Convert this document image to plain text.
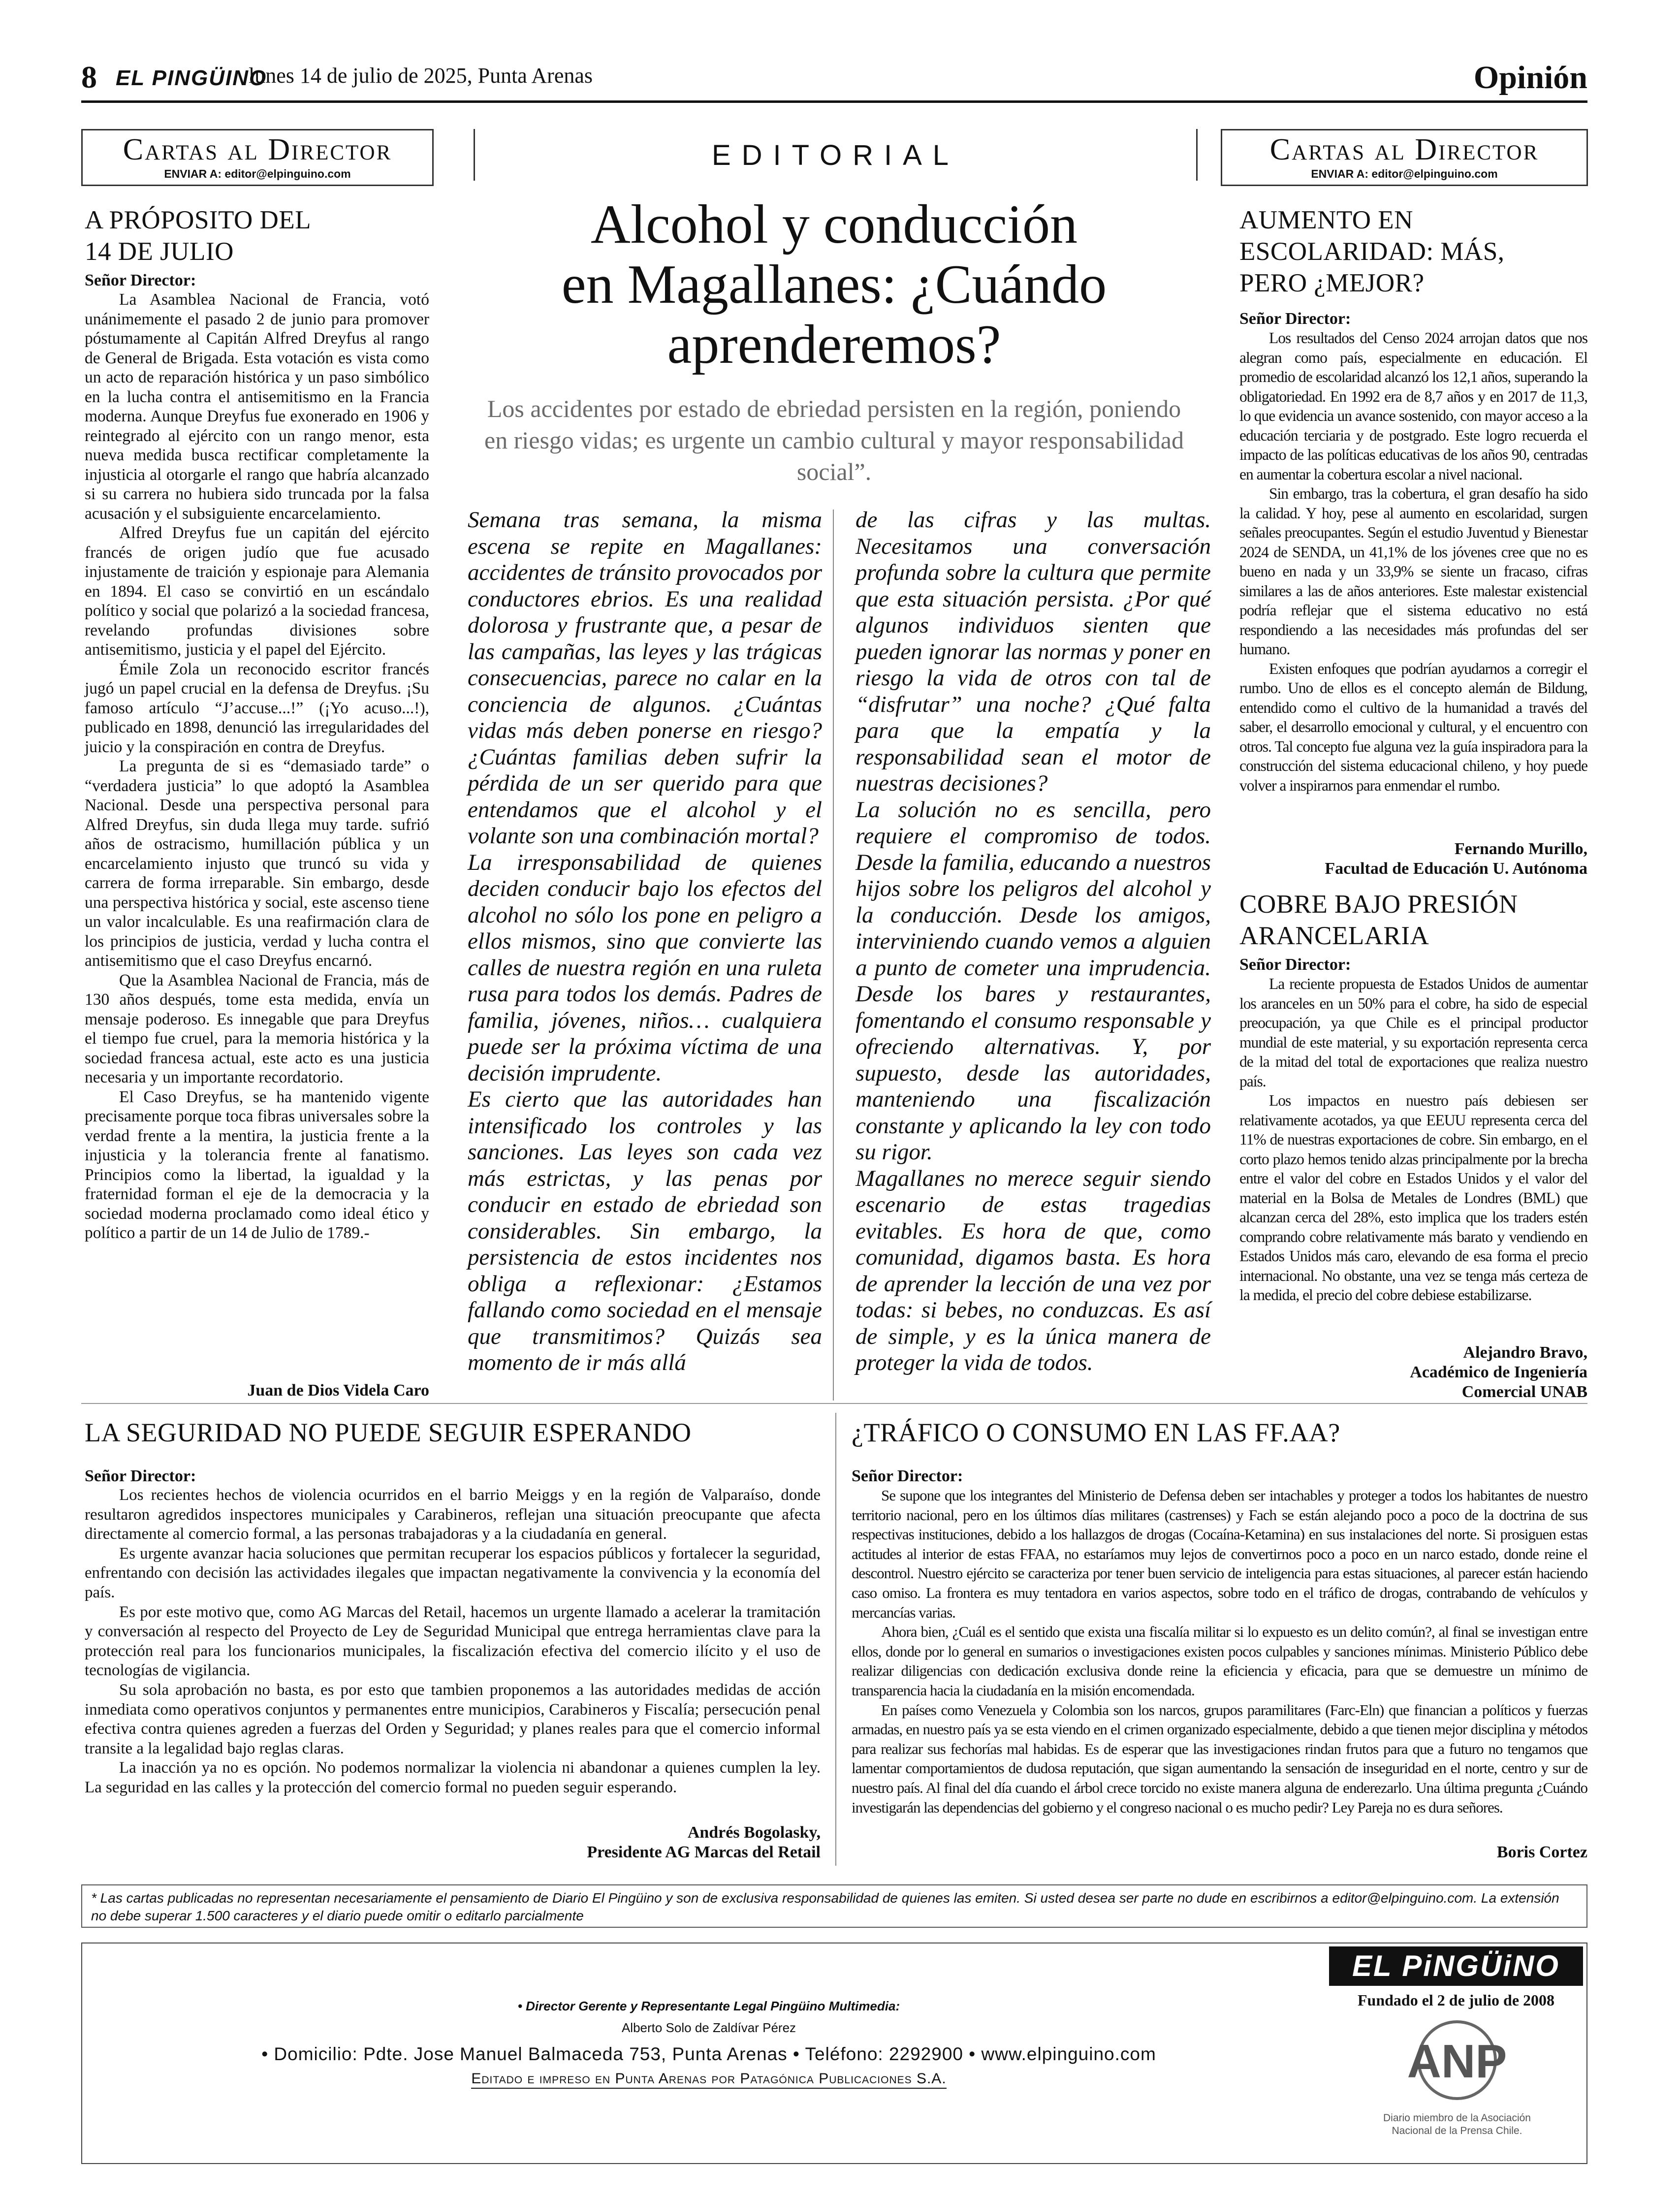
8 EL PINGÜINO
lunes 14 de julio de 2025, Punta Arenas	Opinión
Cartas al Director
ENVIAR A: editor@elpinguino.com
A PRÓPOSITO DEL
14 DE JULIO
Señor Director:

La Asamblea Nacional de Francia, votó unánimemente el pasado 2 de junio para promover póstumamente al Capitán Alfred Dreyfus al rango de General de Brigada. Esta votación es vista como un acto de reparación histórica y un paso simbólico en la lucha contra el antisemitismo en la Francia moderna. Aunque Dreyfus fue exonerado en 1906 y reintegrado al ejército con un rango menor, esta nueva medida busca rectificar completamente la injusticia al otorgarle el rango que habría alcanzado si su carrera no hubiera sido truncada por la falsa acusación y el subsiguiente encarcelamiento.

Alfred Dreyfus fue un capitán del ejército francés de origen judío que fue acusado injustamente de traición y espionaje para Alemania en 1894. El caso se convirtió en un escándalo político y social que polarizó a la sociedad francesa, revelando profundas divisiones sobre antisemitismo, justicia y el papel del Ejército.

Émile Zola un reconocido escritor francés jugó un papel crucial en la defensa de Dreyfus. ¡Su famoso artículo “J’accuse...!” (¡Yo acuso...!), publicado en 1898, denunció las irregularidades del juicio y la conspiración en contra de Dreyfus.

La pregunta de si es “demasiado tarde” o “verdadera justicia” lo que adoptó la Asamblea Nacional. Desde una perspectiva personal para Alfred Dreyfus, sin duda llega muy tarde. sufrió años de ostracismo, humillación pública y un encarcelamiento injusto que truncó su vida y carrera de forma irreparable. Sin embargo, desde una perspectiva histórica y social, este ascenso tiene un valor incalculable. Es una reafirmación clara de los principios de justicia, verdad y lucha contra el antisemitismo que el caso Dreyfus encarnó.

Que la Asamblea Nacional de Francia, más de 130 años después, tome esta medida, envía un mensaje poderoso. Es innegable que para Dreyfus el tiempo fue cruel, para la memoria histórica y la sociedad francesa actual, este acto es una justicia necesaria y un importante recordatorio.

El Caso Dreyfus, se ha mantenido vigente precisamente porque toca fibras universales sobre la verdad frente a la mentira, la justicia frente a la injusticia y la tolerancia frente al fanatismo. Principios como la libertad, la igualdad y la fraternidad forman el eje de la democracia y la sociedad moderna proclamado como ideal ético y político a partir de un 14 de Julio de 1789.-

Juan de Dios Videla Caro
EDITORIAL
Alcohol y conducción
en Magallanes: ¿Cuándo
aprenderemos?
Los accidentes por estado de ebriedad persisten en la región, poniendo en riesgo vidas; es urgente un cambio cultural y mayor responsabilidad social”.

Semana tras semana, la misma escena se repite en Magallanes: accidentes de tránsito provocados por conductores ebrios. Es una realidad dolorosa y frustrante que, a pesar de las campañas, las leyes y las trágicas consecuencias, parece no calar en la conciencia de algunos. ¿Cuántas vidas más deben ponerse en riesgo? ¿Cuántas familias deben sufrir la pérdida de un ser querido para que entendamos que el alcohol y el volante son una combinación mortal?

La irresponsabilidad de quienes deciden conducir bajo los efectos del alcohol no sólo los pone en peligro a ellos mismos, sino que convierte las calles de nuestra región en una ruleta rusa para todos los demás. Padres de familia, jóvenes, niños… cualquiera puede ser la próxima víctima de una decisión imprudente.

Es cierto que las autoridades han intensificado los controles y las sanciones. Las leyes son cada vez más estrictas, y las penas por conducir en estado de ebriedad son considerables. Sin embargo, la persistencia de estos incidentes nos obliga a reflexionar: ¿Estamos fallando como sociedad en el mensaje que transmitimos? Quizás sea momento de ir más allá

de las cifras y las multas. Necesitamos una conversación profunda sobre la cultura que permite que esta situación persista. ¿Por qué algunos individuos sienten que pueden ignorar las normas y poner en riesgo la vida de otros con tal de “disfrutar” una noche? ¿Qué falta para que la empatía y la responsabilidad sean el motor de nuestras decisiones?

La solución no es sencilla, pero requiere el compromiso de todos. Desde la familia, educando a nuestros hijos sobre los peligros del alcohol y la conducción. Desde los amigos, interviniendo cuando vemos a alguien a punto de cometer una imprudencia. Desde los bares y restaurantes, fomentando el consumo responsable y ofreciendo alternativas. Y, por supuesto, desde las autoridades, manteniendo una fiscalización constante y aplicando la ley con todo su rigor.

Magallanes no merece seguir siendo escenario de estas tragedias evitables. Es hora de que, como comunidad, digamos basta. Es hora de aprender la lección de una vez por todas: si bebes, no conduzcas. Es así de simple, y es la única manera de proteger la vida de todos.

Cartas al Director
ENVIAR A: editor@elpinguino.com
AUMENTO EN
ESCOLARIDAD: MÁS,
PERO ¿MEJOR?
Señor Director:

Los resultados del Censo 2024 arrojan datos que nos alegran como país, especialmente en educación. El promedio de escolaridad alcanzó los 12,1 años, superando la obligatoriedad. En 1992 era de 8,7 años y en 2017 de 11,3, lo que evidencia un avance sostenido, con mayor acceso a la educación terciaria y de postgrado. Este logro recuerda el impacto de las políticas educativas de los años 90, centradas en aumentar la cobertura escolar a nivel nacional.

Sin embargo, tras la cobertura, el gran desafío ha sido la calidad. Y hoy, pese al aumento en escolaridad, surgen señales preocupantes. Según el estudio Juventud y Bienestar 2024 de SENDA, un 41,1% de los jóvenes cree que no es bueno en nada y un 33,9% se siente un fracaso, cifras similares a las de años anteriores. Este malestar existencial podría reflejar que el sistema educativo no está respondiendo a las necesidades más profundas del ser humano.

Existen enfoques que podrían ayudarnos a corregir el rumbo. Uno de ellos es el concepto alemán de Bildung, entendido como el cultivo de la humanidad a través del saber, el desarrollo emocional y cultural, y el encuentro con otros. Tal concepto fue alguna vez la guía inspiradora para la construcción del sistema educacional chileno, y hoy puede volver a inspirarnos para enmendar el rumbo.

Fernando Murillo,
Facultad de Educación U. Autónoma
COBRE BAJO PRESIÓN
ARANCELARIA
Señor Director:

La reciente propuesta de Estados Unidos de aumentar los aranceles en un 50% para el cobre, ha sido de especial preocupación, ya que Chile es el principal productor mundial de este material, y su exportación representa cerca de la mitad del total de exportaciones que realiza nuestro país.

Los impactos en nuestro país debiesen ser relativamente acotados, ya que EEUU representa cerca del 11% de nuestras exportaciones de cobre. Sin embargo, en el corto plazo hemos tenido alzas principalmente por la brecha entre el valor del cobre en Estados Unidos y el valor del material en la Bolsa de Metales de Londres (BML) que alcanzan cerca del 28%, esto implica que los traders estén comprando cobre relativamente más barato y vendiendo en Estados Unidos más caro, elevando de esa forma el precio internacional. No obstante, una vez se tenga más certeza de la medida, el precio del cobre debiese estabilizarse.

Alejandro Bravo,
Académico de Ingeniería
Comercial UNAB
LA SEGURIDAD NO PUEDE SEGUIR ESPERANDO
Señor Director:

Los recientes hechos de violencia ocurridos en el barrio Meiggs y en la región de Valparaíso, donde resultaron agredidos inspectores municipales y Carabineros, reflejan una situación preocupante que afecta directamente al comercio formal, a las personas trabajadoras y a la ciudadanía en general.

Es urgente avanzar hacia soluciones que permitan recuperar los espacios públicos y fortalecer la seguridad, enfrentando con decisión las actividades ilegales que impactan negativamente la convivencia y la economía del país.

Es por este motivo que, como AG Marcas del Retail, hacemos un urgente llamado a acelerar la tramitación y conversación al respecto del Proyecto de Ley de Seguridad Municipal que entrega herramientas clave para la protección real para los funcionarios municipales, la fiscalización efectiva del comercio ilícito y el uso de tecnologías de vigilancia.

Su sola aprobación no basta, es por esto que tambien proponemos a las autoridades medidas de acción inmediata como operativos conjuntos y permanentes entre municipios, Carabineros y Fiscalía; persecución penal efectiva contra quienes agreden a fuerzas del Orden y Seguridad; y planes reales para que el comercio informal transite a la legalidad bajo reglas claras.

La inacción ya no es opción. No podemos normalizar la violencia ni abandonar a quienes cumplen la ley. La seguridad en las calles y la protección del comercio formal no pueden seguir esperando.

Andrés Bogolasky,
Presidente AG Marcas del Retail
¿TRÁFICO O CONSUMO EN LAS FF.AA?
Señor Director:

Se supone que los integrantes del Ministerio de Defensa deben ser intachables y proteger a todos los habitantes de nuestro territorio nacional, pero en los últimos días militares (castrenses) y Fach se están alejando poco a poco de la doctrina de sus respectivas instituciones, debido a los hallazgos de drogas (Cocaína-Ketamina) en sus instalaciones del norte. Si prosiguen estas actitudes al interior de estas FFAA, no estaríamos muy lejos de convertirnos poco a poco en un narco estado, donde reine el descontrol. Nuestro ejército se caracteriza por tener buen servicio de inteligencia para estas situaciones, al parecer están haciendo caso omiso. La frontera es muy tentadora en varios aspectos, sobre todo en el tráfico de drogas, contrabando de vehículos y mercancías varias.

Ahora bien, ¿Cuál es el sentido que exista una fiscalía militar si lo expuesto es un delito común?, al final se investigan entre ellos, donde por lo general en sumarios o investigaciones existen pocos culpables y sanciones mínimas. Ministerio Público debe realizar diligencias con dedicación exclusiva donde reine la eficiencia y eficacia, para que se demuestre un mínimo de transparencia hacia la ciudadanía en la misión encomendada.

En países como Venezuela y Colombia son los narcos, grupos paramilitares (Farc-Eln) que financian a políticos y fuerzas armadas, en nuestro país ya se esta viendo en el crimen organizado especialmente, debido a que tienen mejor disciplina y métodos para realizar sus fechorías mal habidas. Es de esperar que las investigaciones rindan frutos para que a futuro no tengamos que lamentar comportamientos de dudosa reputación, que sigan aumentando la sensación de inseguridad en el norte, centro y sur de nuestro país. Al final del día cuando el árbol crece torcido no existe manera alguna de enderezarlo. Una última pregunta ¿Cuándo investigarán las dependencias del gobierno y el congreso nacional o es mucho pedir? Ley Pareja no es dura señores.

Boris Cortez
* Las cartas publicadas no representan necesariamente el pensamiento de Diario El Pingüino y son de exclusiva responsabilidad de quienes las emiten. Si usted desea ser parte no dude en escribirnos a editor@elpinguino.com. La extensión no debe superar 1.500 caracteres y el diario puede omitir o editarlo parcialmente
• Director Gerente y Representante Legal Pingüino Multimedia:
Alberto Solo de Zaldívar Pérez
• Domicilio: Pdte. Jose Manuel Balmaceda 753, Punta Arenas • Teléfono: 2292900 • www.elpinguino.com
Editado e impreso en Punta Arenas por Patagónica Publicaciones S.A.
EL PiNGÜiNO
Fundado el 2 de julio de 2008
ANP
Diario miembro de la Asociación
Nacional de la Prensa Chile.
